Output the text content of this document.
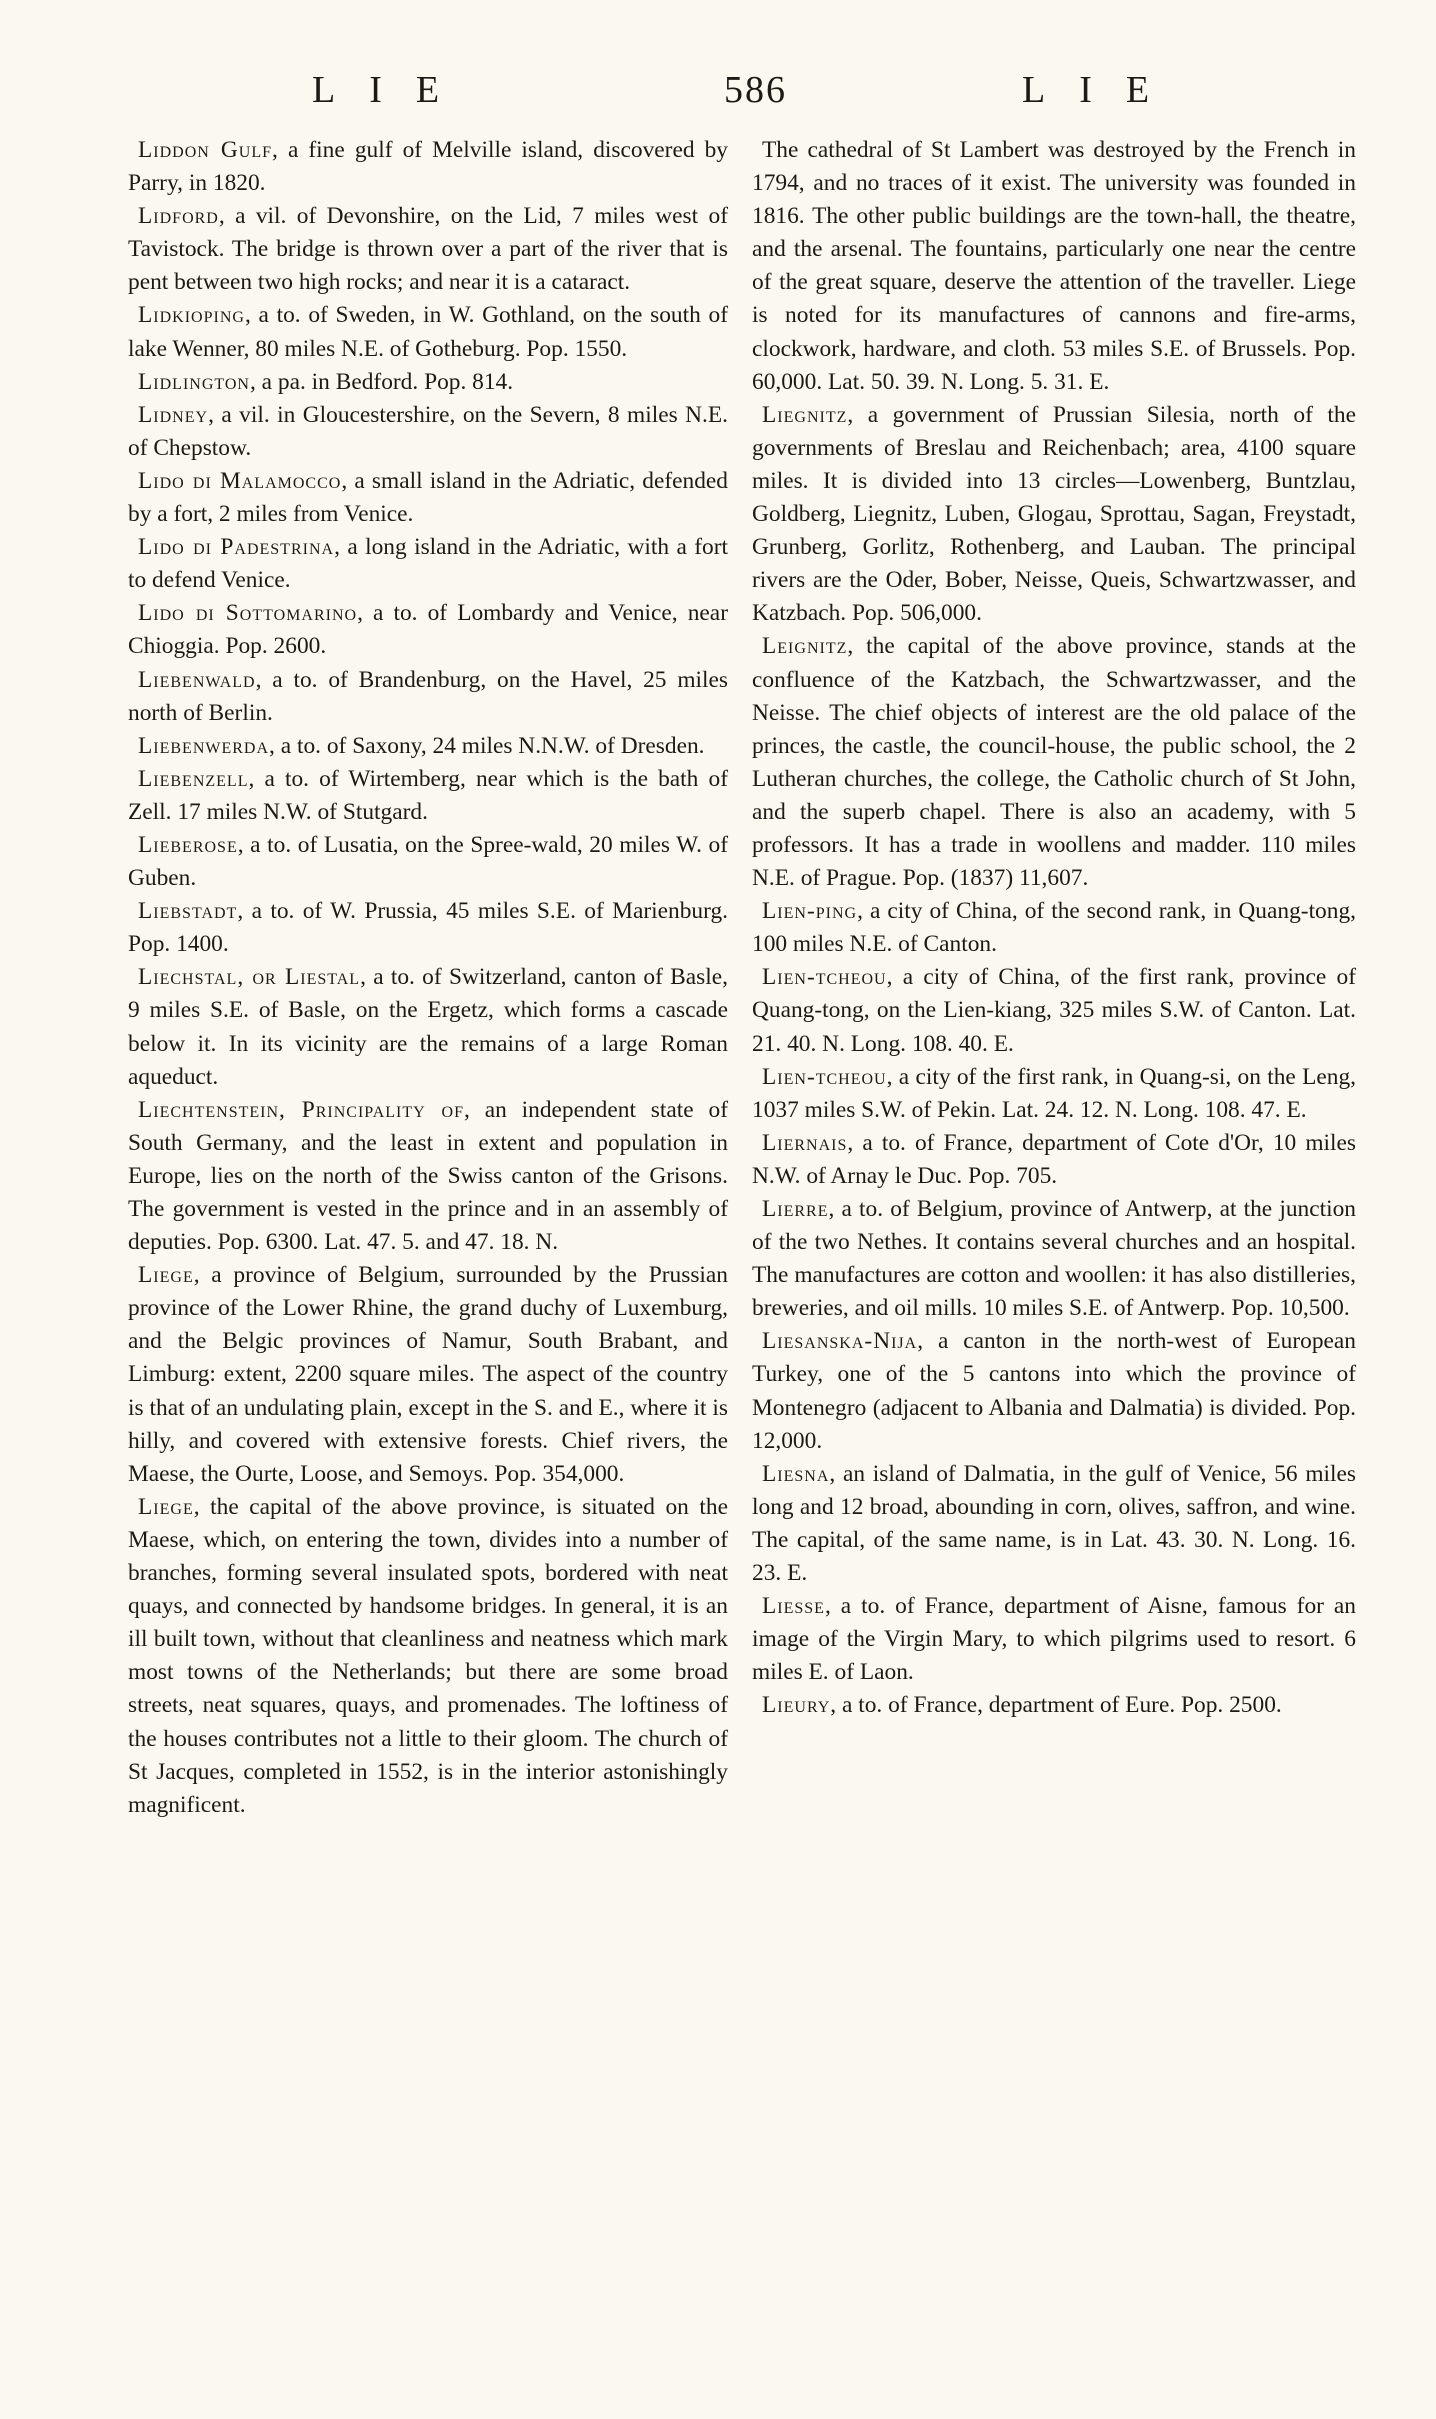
LIE	586	LIE
Liddon Gulf, a fine gulf of Melville island, discovered by Parry, in 1820.
Lidford, a vil. of Devonshire, on the Lid, 7 miles west of Tavistock. The bridge is thrown over a part of the river that is pent between two high rocks; and near it is a cataract.
Lidkioping, a to. of Sweden, in W. Gothland, on the south of lake Wenner, 80 miles N.E. of Gotheburg. Pop. 1550.
Lidlington, a pa. in Bedford. Pop. 814.
Lidney, a vil. in Gloucestershire, on the Severn, 8 miles N.E. of Chepstow.
Lido di Malamocco, a small island in the Adriatic, defended by a fort, 2 miles from Venice.
Lido di Padestrina, a long island in the Adriatic, with a fort to defend Venice.
Lido di Sottomarino, a to. of Lombardy and Venice, near Chioggia. Pop. 2600.
Liebenwald, a to. of Brandenburg, on the Havel, 25 miles north of Berlin.
Liebenwerda, a to. of Saxony, 24 miles N.N.W. of Dresden.
Liebenzell, a to. of Wirtemberg, near which is the bath of Zell. 17 miles N.W. of Stutgard.
Lieberose, a to. of Lusatia, on the Spree-wald, 20 miles W. of Guben.
Liebstadt, a to. of W. Prussia, 45 miles S.E. of Marienburg. Pop. 1400.
Liechstal, or Liestal, a to. of Switzerland, canton of Basle, 9 miles S.E. of Basle, on the Ergetz, which forms a cascade below it. In its vicinity are the remains of a large Roman aqueduct.
Liechtenstein, Principality of, an independent state of South Germany, and the least in extent and population in Europe, lies on the north of the Swiss canton of the Grisons. The government is vested in the prince and in an assembly of deputies. Pop. 6300. Lat. 47. 5. and 47. 18. N.
Liege, a province of Belgium, surrounded by the Prussian province of the Lower Rhine, the grand duchy of Luxemburg, and the Belgic provinces of Namur, South Brabant, and Limburg: extent, 2200 square miles. The aspect of the country is that of an undulating plain, except in the S. and E., where it is hilly, and covered with extensive forests. Chief rivers, the Maese, the Ourte, Loose, and Semoys. Pop. 354,000.
Liege, the capital of the above province, is situated on the Maese, which, on entering the town, divides into a number of branches, forming several insulated spots, bordered with neat quays, and connected by handsome bridges. In general, it is an ill built town, without that cleanliness and neatness which mark most towns of the Netherlands; but there are some broad streets, neat squares, quays, and promenades. The loftiness of the houses contributes not a little to their gloom. The church of St Jacques, completed in 1552, is in the interior astonishingly magnificent.
The cathedral of St Lambert was destroyed by the French in 1794, and no traces of it exist. The university was founded in 1816. The other public buildings are the town-hall, the theatre, and the arsenal. The fountains, particularly one near the centre of the great square, deserve the attention of the traveller. Liege is noted for its manufactures of cannons and fire-arms, clockwork, hardware, and cloth. 53 miles S.E. of Brussels. Pop. 60,000. Lat. 50. 39. N. Long. 5. 31. E.
Liegnitz, a government of Prussian Silesia, north of the governments of Breslau and Reichenbach; area, 4100 square miles. It is divided into 13 circles—Lowenberg, Buntzlau, Goldberg, Liegnitz, Luben, Glogau, Sprottau, Sagan, Freystadt, Grunberg, Gorlitz, Rothenberg, and Lauban. The principal rivers are the Oder, Bober, Neisse, Queis, Schwartzwasser, and Katzbach. Pop. 506,000.
Leignitz, the capital of the above province, stands at the confluence of the Katzbach, the Schwartzwasser, and the Neisse. The chief objects of interest are the old palace of the princes, the castle, the council-house, the public school, the 2 Lutheran churches, the college, the Catholic church of St John, and the superb chapel. There is also an academy, with 5 professors. It has a trade in woollens and madder. 110 miles N.E. of Prague. Pop. (1837) 11,607.
Lien-ping, a city of China, of the second rank, in Quang-tong, 100 miles N.E. of Canton.
Lien-tcheou, a city of China, of the first rank, province of Quang-tong, on the Lien-kiang, 325 miles S.W. of Canton. Lat. 21. 40. N. Long. 108. 40. E.
Lien-tcheou, a city of the first rank, in Quang-si, on the Leng, 1037 miles S.W. of Pekin. Lat. 24. 12. N. Long. 108. 47. E.
Liernais, a to. of France, department of Cote d'Or, 10 miles N.W. of Arnay le Duc. Pop. 705.
Lierre, a to. of Belgium, province of Antwerp, at the junction of the two Nethes. It contains several churches and an hospital. The manufactures are cotton and woollen: it has also distilleries, breweries, and oil mills. 10 miles S.E. of Antwerp. Pop. 10,500.
Liesanska-Nija, a canton in the north-west of European Turkey, one of the 5 cantons into which the province of Montenegro (adjacent to Albania and Dalmatia) is divided. Pop. 12,000.
Liesna, an island of Dalmatia, in the gulf of Venice, 56 miles long and 12 broad, abounding in corn, olives, saffron, and wine. The capital, of the same name, is in Lat. 43. 30. N. Long. 16. 23. E.
Liesse, a to. of France, department of Aisne, famous for an image of the Virgin Mary, to which pilgrims used to resort. 6 miles E. of Laon.
Lieury, a to. of France, department of Eure. Pop. 2500.
